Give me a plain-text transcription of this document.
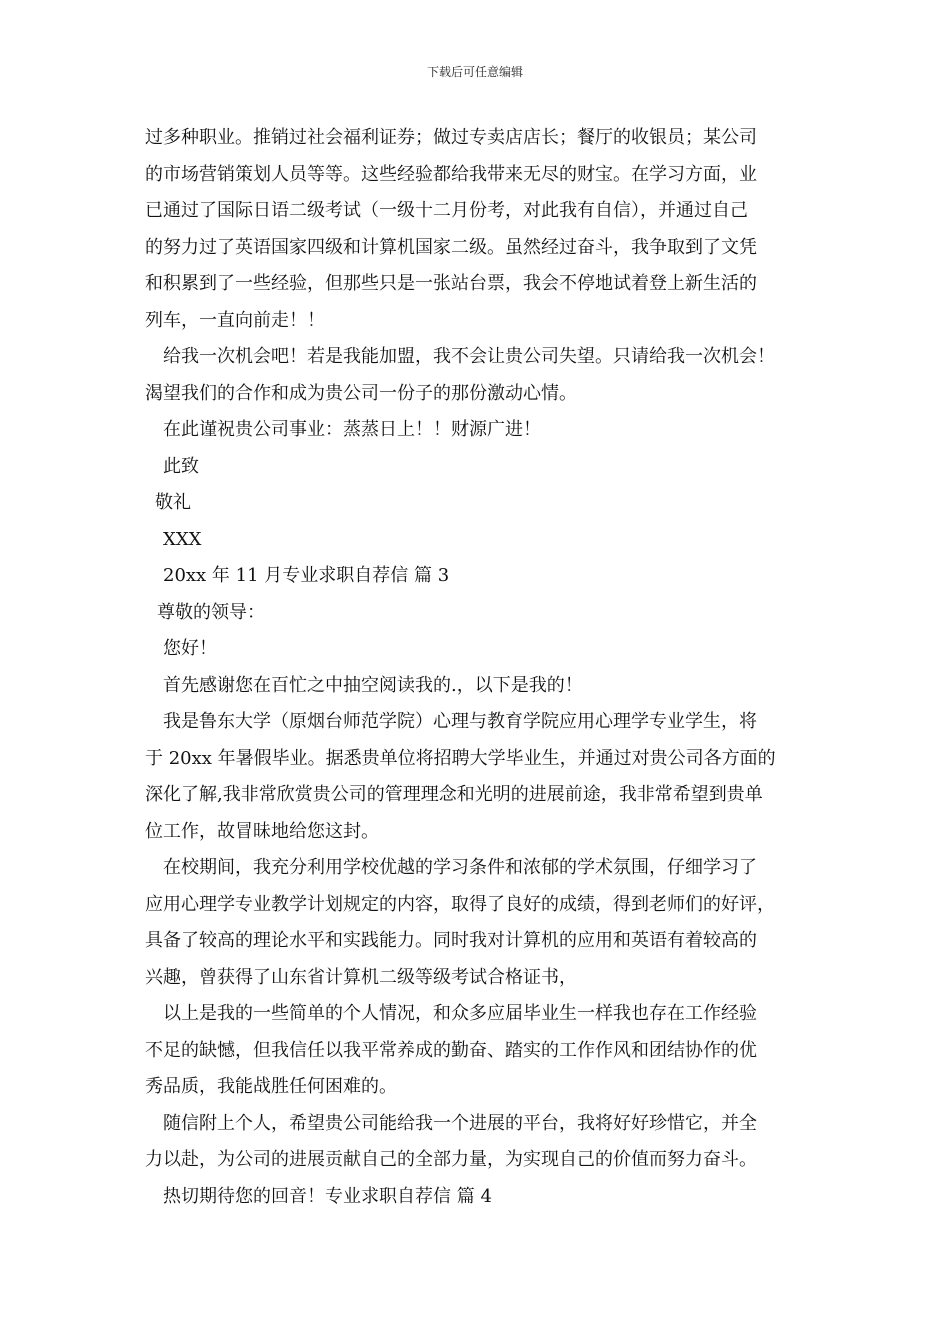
下载后可任意编辑
过多种职业。推销过社会福利证券；做过专卖店店长；餐厅的收银员；某公司
的市场营销策划人员等等。这些经验都给我带来无尽的财宝。在学习方面，业
已通过了国际日语二级考试（一级十二月份考，对此我有自信），并通过自己
的努力过了英语国家四级和计算机国家二级。虽然经过奋斗，我争取到了文凭
和积累到了一些经验，但那些只是一张站台票，我会不停地试着登上新生活的
列车，一直向前走！！
给我一次机会吧！若是我能加盟，我不会让贵公司失望。只请给我一次机会！
渴望我们的合作和成为贵公司一份子的那份激动心情。
在此谨祝贵公司事业：蒸蒸日上！！财源广进！
此致
敬礼
XXX
20xx 年 11 月专业求职自荐信 篇 3
尊敬的领导：
您好！
首先感谢您在百忙之中抽空阅读我的.，以下是我的！
我是鲁东大学（原烟台师范学院）心理与教育学院应用心理学专业学生，将
于 20xx 年暑假毕业。据悉贵单位将招聘大学毕业生，并通过对贵公司各方面的
深化了解,我非常欣赏贵公司的管理理念和光明的进展前途，我非常希望到贵单
位工作，故冒昧地给您这封。
在校期间，我充分利用学校优越的学习条件和浓郁的学术氛围，仔细学习了
应用心理学专业教学计划规定的内容，取得了良好的成绩，得到老师们的好评，
具备了较高的理论水平和实践能力。同时我对计算机的应用和英语有着较高的
兴趣，曾获得了山东省计算机二级等级考试合格证书，
以上是我的一些简单的个人情况，和众多应届毕业生一样我也存在工作经验
不足的缺憾，但我信任以我平常养成的勤奋、踏实的工作作风和团结协作的优
秀品质，我能战胜任何困难的。
随信附上个人，希望贵公司能给我一个进展的平台，我将好好珍惜它，并全
力以赴，为公司的进展贡献自己的全部力量，为实现自己的价值而努力奋斗。
热切期待您的回音！专业求职自荐信 篇 4
